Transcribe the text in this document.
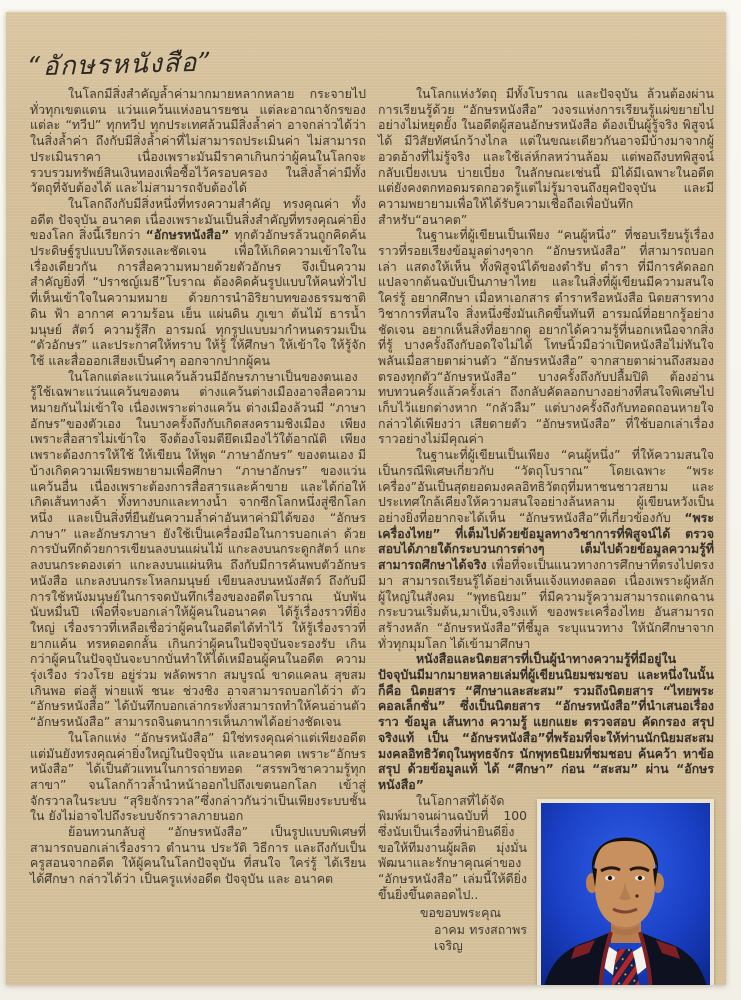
“อักษรหนังสือ”

ในโลกมีสิ่งสำคัญล้ำค่ามากมายหลากหลาย กระจายไปทั่วทุกเขตแดน แว่นแคว้นแห่งอนารยชน แต่ละอาณาจักรของแต่ละ “ทวีป” ทุกทวีป ทุกประเทศล้วนมีสิ่งล้ำค่า อาจกล่าวได้ว่าในสิ่งล้ำค่า ถึงกับมีสิ่งล้ำค่าที่ไม่สามารถประเมินค่า ไม่สามารถประเมินราคา เนื่องเพราะมันมีราคาเกินกว่าผู้คนในโลกจะรวบรวมทรัพย์สินเงินทองเพื่อซื้อไว้ครอบครอง ในสิ่งล้ำค่ามีทั้งวัตถุที่จับต้องได้ และไม่สามารถจับต้องได้

ในโลกถึงกับมีสิ่งหนึ่งที่ทรงความสำคัญ ทรงคุณค่า ทั้งอดีต ปัจจุบัน อนาคต เนื่องเพราะมันเป็นสิ่งสำคัญที่ทรงคุณค่ายิ่งของโลก สิ่งนี้เรียกว่า “อักษรหนังสือ” ทุกตัวอักษรล้วนถูกคิดค้นประดิษฐ์รูปแบบให้ตรงและชัดเจน เพื่อให้เกิดความเข้าใจในเรื่องเดียวกัน การสื่อความหมายด้วยตัวอักษร จึงเป็นความสำคัญยิ่งที่ “ปราชญ์เมธี”โบราณ ต้องคิดค้นรูปแบบให้คนทั่วไปที่เห็นเข้าใจในความหมาย ด้วยการนำอิริยาบทของธรรมชาติ ดิน ฟ้า อากาศ ความร้อน เย็น แผ่นดิน ภูเขา ต้นไม้ ธารน้ำ มนุษย์ สัตว์ ความรู้สึก อารมณ์ ทุกรูปแบบมากำหนดรวมเป็น “ตัวอักษร” และประกาศให้ทราบ ให้รู้ ให้ศึกษา ให้เข้าใจ ให้รู้จักใช้ และสื่อออกเสียงเป็นคำๆ ออกจากปากผู้คน

ในโลกแต่ละแว่นแคว้นล้วนมีอักษรภาษาเป็นของตนเอง รู้ใช้เฉพาะแว่นแคว้นของตน ต่างแคว้นต่างเมืองอาจสื่อความหมายกันไม่เข้าใจ เนื่องเพราะต่างแคว้น ต่างเมืองล้วนมี “ภาษาอักษร”ของตัวเอง ในบางครั้งถึงกับเกิดสงครามชิงเมือง เพียงเพราะสื่อสารไม่เข้าใจ จึงต้องโจมตียึดเมืองไว้ใต้อาณัติ เพียงเพราะต้องการให้ใช้ ให้เขียน ให้พูด “ภาษาอักษร” ของตนเอง มีบ้างเกิดความเพียรพยายามเพื่อศึกษา “ภาษาอักษร” ของแว่นแคว้นอื่น เนื่องเพราะต้องการสื่อสารและค้าขาย และได้ก่อให้เกิดเส้นทางค้า ทั้งทางบกและทางน้ำ จากซีกโลกหนึ่งสู่ซีกโลกหนึ่ง และเป็นสิ่งที่ยืนยันความล้ำค่าอันหาค่ามิได้ของ “อักษรภาษา” และอักษรภาษา ยังใช้เป็นเครื่องมือในการบอกเล่า ด้วยการบันทึกด้วยการเขียนลงบนแผ่นไม้ แกะลงบนกระดูกสัตว์ แกะลงบนกระดองเต่า แกะลงบนแผ่นหิน ถึงกับมีการค้นพบตัวอักษรหนังสือ แกะลงบนกระโหลกมนุษย์ เขียนลงบนหนังสัตว์ ถึงกับมีการใช้หนังมนุษย์ในการจดบันทึกเรื่องของอดีตโบราณ นับพัน นับหมื่นปี เพื่อที่จะบอกเล่าให้ผู้คนในอนาคต ได้รู้เรื่องราวที่ยิ่งใหญ่ เรื่องราวที่เหลือเชื่อว่าผู้คนในอดีตได้ทำไว้ ให้รู้เรื่องราวที่ยากแค้น ทรหดอดกลั้น เกินกว่าผู้คนในปัจจุบันจะรองรับ เกินกว่าผู้คนในปัจจุบันจะบากบั่นทำให้ได้เหมือนผู้คนในอดีต ความรุ่งเรือง ร่วงโรย อยู่ร่วม พลัดพราก สมบูรณ์ ขาดแคลน สุขสม เกินพอ ต่อสู้ พ่ายแพ้ ชนะ ช่วงชิง อาจสามารถบอกได้ว่า ตัว “อักษรหนังสือ” ได้บันทึกบอกเล่ากระทั่งสามารถทำให้คนอ่านตัว “อักษรหนังสือ” สามารถจินตนาการเห็นภาพได้อย่างชัดเจน

ในโลกแห่ง “อักษรหนังสือ” มิใช่ทรงคุณค่าแต่เพียงอดีต แต่มันยังทรงคุณค่ายิ่งใหญ่ในปัจจุบัน และอนาคต เพราะ“อักษรหนังสือ” ได้เป็นตัวแทนในการถ่ายทอด “สรรพวิชาความรู้ทุกสาขา” จนโลกก้าวล้ำนำหน้าออกไปถึงเขตนอกโลก เข้าสู่จักรวาลในระบบ “สุริยจักรวาล”ซึ่งกล่าวกันว่าเป็นเพียงระบบชั้นใน ยังไม่อาจไปถึงระบบจักรวาลภายนอก

ย้อนทวนกลับสู่ “อักษรหนังสือ” เป็นรูปแบบพิเศษที่สามารถบอกเล่าเรื่องราว ตำนาน ประวัติ วิธีการ และถึงกับเป็นครูสอนจากอดีต ให้ผู้คนในโลกปัจจุบัน ที่สนใจ ใคร่รู้ ได้เรียน ได้ศึกษา กล่าวได้ว่า เป็นครูแห่งอดีต ปัจจุบัน และ อนาคต

ในโลกแห่งวัตถุ มีทั้งโบราณ และปัจจุบัน ล้วนต้องผ่านการเรียนรู้ด้วย “อักษรหนังสือ” วงจรแห่งการเรียนรู้แผ่ขยายไปอย่างไม่หยุดยั้ง ในอดีตผู้สอนอักษรหนังสือ ต้องเป็นผู้รู้จริง พิสูจน์ได้ มีวิสัยทัศน์กว้างไกล แต่ในขณะเดียวกันอาจมีบ้างมาจากผู้อวดอ้างที่ไม่รู้จริง และใช้เล่ห์กลหว่านล้อม แต่พอถึงบทพิสูจน์ กลับเบี่ยงเบน บ่ายเบี่ยง ในลักษณะเช่นนี้ มิได้มีเฉพาะในอดีต แต่ยังคงตกทอดมรดกอวดรู้แต่ไม่รู้มาจนถึงยุคปัจจุบัน และมีความพยายามเพื่อให้ได้รับความเชื่อถือเพื่อบันทึกสำหรับ“อนาคต”

ในฐานะที่ผู้เขียนเป็นเพียง “คนผู้หนึ่ง” ที่ชอบเรียนรู้เรื่องราวที่รอยเรียงข้อมูลต่างๆจาก “อักษรหนังสือ” ที่สามารถบอกเล่า แสดงให้เห็น ทั้งพิสูจน์ได้ของตำรับ ตำรา ที่มีการคัดลอก แปลจากต้นฉบับเป็นภาษาไทย และในสิ่งที่ผู้เขียนมีความสนใจ ใคร่รู้ อยากศึกษา เมื่อหาเอกสาร ตำราหรือหนังสือ นิตยสารทางวิชาการที่สนใจ สิ่งหนึ่งซึ่งมันเกิดขึ้นทันที อารมณ์ที่อยากรู้อย่างชัดเจน อยากเห็นสิ่งที่อยากดู อยากได้ความรู้ที่นอกเหนือจากสิ่งที่รู้ บางครั้งถึงกับอดใจไม่ได้ โทษนิ้วมือว่าเปิดหนังสือไม่ทันใจ พลันเมื่อสายตาผ่านตัว “อักษรหนังสือ” จากสายตาผ่านถึงสมอง ตรองทุกตัว“อักษรหนังสือ” บางครั้งถึงกับปลื้มปิติ ต้องอ่านทบทวนครั้งแล้วครั้งเล่า ถึงกลับคัดลอกบางอย่างที่สนใจพิเศษไปเก็บไว้แยกต่างหาก “กลัวลืม” แต่บางครั้งถึงกับทอดถอนหายใจ กล่าวได้เพียงว่า เสียดายตัว “อักษรหนังสือ” ที่ใช้บอกเล่าเรื่องราวอย่างไม่มีคุณค่า

ในฐานะที่ผู้เขียนเป็นเพียง “คนผู้หนึ่ง” ที่ให้ความสนใจเป็นกรณีพิเศษเกี่ยวกับ “วัตถุโบราณ” โดยเฉพาะ “พระเครื่อง”อันเป็นสุดยอดมงคลอิทธิวัตถุที่มหาชนชาวสยาม และประเทศใกล้เคียงให้ความสนใจอย่างล้นหลาม ผู้เขียนหวังเป็นอย่างยิ่งที่อยากจะได้เห็น “อักษรหนังสือ”ที่เกี่ยวข้องกับ “พระเครื่องไทย” ที่เต็มไปด้วยข้อมูลทางวิชาการที่พิสูจน์ได้ ตรวจสอบได้ภายใต้กระบวนการต่างๆ เต็มไปด้วยข้อมูลความรู้ที่สามารถศึกษาได้จริง เพื่อที่จะเป็นแนวทางการศึกษาที่ตรงไปตรงมา สามารถเรียนรู้ได้อย่างเห็นแจ้งแทงตลอด เนื่องเพราะผู้หลักผู้ใหญ่ในสังคม “พุทธนิยม” ที่มีความรู้ความสามารถแตกฉานกระบวนเริ่มต้น,มาเป็น,จริงแท้ ของพระเครื่องไทย อันสามารถสร้างหลัก “อักษรหนังสือ”ที่ชี้มูล ระบุแนวทาง ให้นักศึกษาจากทั่วทุกมุมโลก ได้เข้ามาศึกษา

หนังสือและนิตยสารที่เป็นผู้นำทางความรู้ที่มีอยู่ในปัจจุบันมีมากมายหลายเล่มที่ผู้เขียนนิยมชมชอบ และหนึ่งในนั้นก็คือ นิตยสาร “ศึกษาและสะสม” รวมถึงนิตยสาร “ไทยพระคอลเล็กชั่น” ซึ่งเป็นนิตยสาร “อักษรหนังสือ”ที่นำเสนอเรื่องราว ข้อมูล เส้นทาง ความรู้ แยกแยะ ตรวจสอบ คัดกรอง สรุปจริงแท้ เป็น “อักษรหนังสือ”ที่พร้อมที่จะให้ท่านนักนิยมสะสมมงคลอิทธิวัตถุในพุทธจักร นักพุทธนิยมที่ชมชอบ ค้นคว้า หาข้อสรุป ด้วยข้อมูลแท้ ได้ “ศึกษา” ก่อน “สะสม” ผ่าน “อักษรหนังสือ”

ในโอกาสที่ได้จัดพิมพ์มาจนผ่านฉบับที่ 100 ซึ่งนับเป็นเรื่องที่น่ายินดียิ่ง ขอให้ทีมงานผู้ผลิต มุ่งมั่นพัฒนาและรักษาคุณค่าของ “อักษรหนังสือ” เล่มนี้ให้ดียิ่งขึ้นยิ่งขึ้นตลอดไป..

ขอขอบพระคุณ

อาคม ทรงสถาพรเจริญ
